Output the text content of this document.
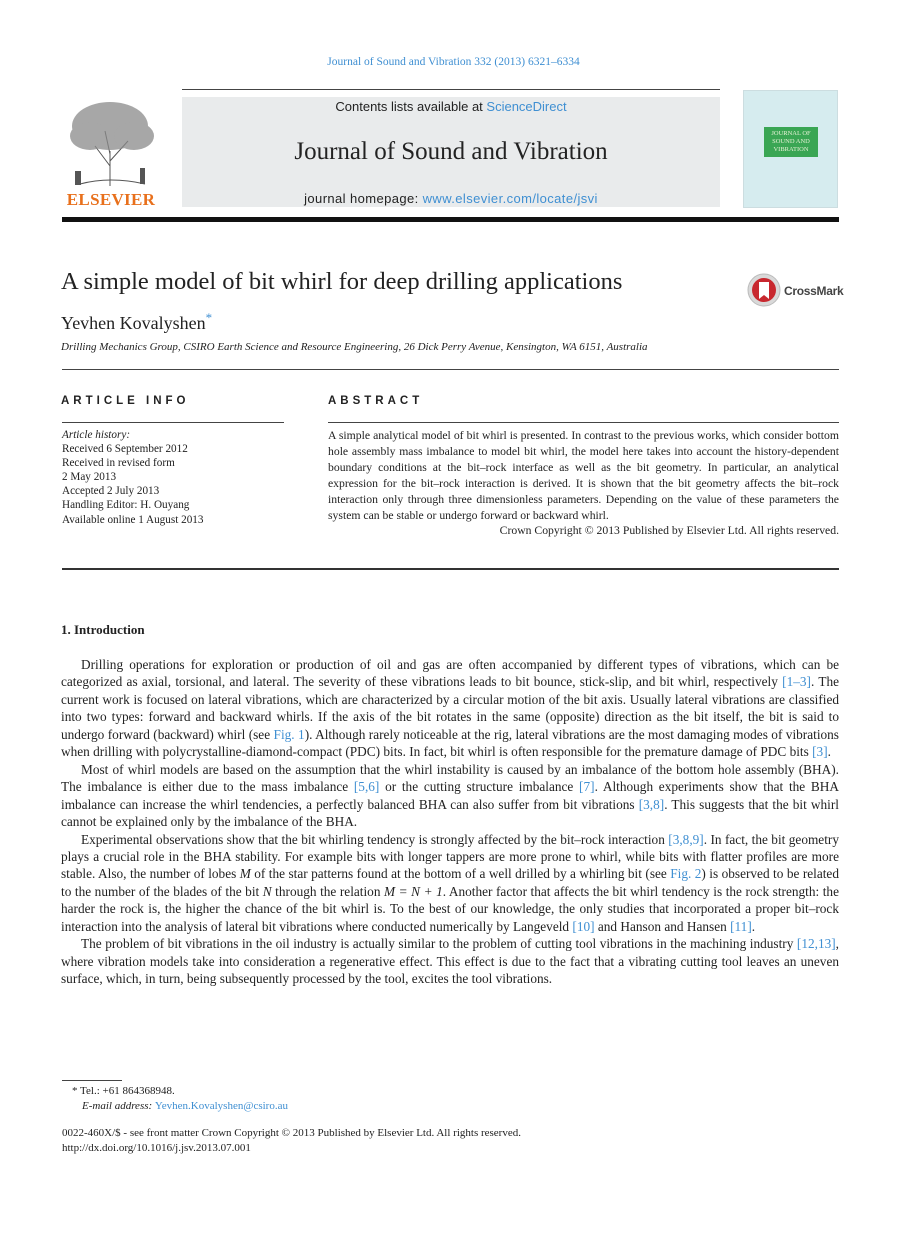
Journal of Sound and Vibration 332 (2013) 6321–6334
ELSEVIER
Contents lists available at ScienceDirect
Journal of Sound and Vibration
journal homepage: www.elsevier.com/locate/jsvi
JOURNAL OF SOUND AND VIBRATION
A simple model of bit whirl for deep drilling applications	CrossMark
Yevhen Kovalyshen*
Drilling Mechanics Group, CSIRO Earth Science and Resource Engineering, 26 Dick Perry Avenue, Kensington, WA 6151, Australia
ARTICLE INFO	ABSTRACT
Article history:
Received 6 September 2012
Received in revised form
2 May 2013
Accepted 2 July 2013
Handling Editor: H. Ouyang
Available online 1 August 2013
A simple analytical model of bit whirl is presented. In contrast to the previous works, which consider bottom hole assembly mass imbalance to model bit whirl, the model here takes into account the history-dependent boundary conditions at the bit–rock interface as well as the bit geometry. In particular, an analytical expression for the bit–rock interaction is derived. It is shown that the bit geometry affects the bit–rock interaction only through three dimensionless parameters. Depending on the value of these parameters the system can be stable or undergo forward or backward whirl.
Crown Copyright © 2013 Published by Elsevier Ltd. All rights reserved.
1. Introduction

Drilling operations for exploration or production of oil and gas are often accompanied by different types of vibrations, which can be categorized as axial, torsional, and lateral. The severity of these vibrations leads to bit bounce, stick-slip, and bit whirl, respectively [1–3]. The current work is focused on lateral vibrations, which are characterized by a circular motion of the bit axis. Usually lateral vibrations are classified into two types: forward and backward whirls. If the axis of the bit rotates in the same (opposite) direction as the bit itself, the bit is said to undergo forward (backward) whirl (see Fig. 1). Although rarely noticeable at the rig, lateral vibrations are the most damaging modes of vibrations when drilling with polycrystalline-diamond-compact (PDC) bits. In fact, bit whirl is often responsible for the premature damage of PDC bits [3].

Most of whirl models are based on the assumption that the whirl instability is caused by an imbalance of the bottom hole assembly (BHA). The imbalance is either due to the mass imbalance [5,6] or the cutting structure imbalance [7]. Although experiments show that the BHA imbalance can increase the whirl tendencies, a perfectly balanced BHA can also suffer from bit vibrations [3,8]. This suggests that the bit whirl cannot be explained only by the imbalance of the BHA.

Experimental observations show that the bit whirling tendency is strongly affected by the bit–rock interaction [3,8,9]. In fact, the bit geometry plays a crucial role in the BHA stability. For example bits with longer tappers are more prone to whirl, while bits with flatter profiles are more stable. Also, the number of lobes M of the star patterns found at the bottom of a well drilled by a whirling bit (see Fig. 2) is observed to be related to the number of the blades of the bit N through the relation M = N + 1. Another factor that affects the bit whirl tendency is the rock strength: the harder the rock is, the higher the chance of the bit whirl is. To the best of our knowledge, the only studies that incorporated a proper bit–rock interaction into the analysis of lateral bit vibrations where conducted numerically by Langeveld [10] and Hanson and Hansen [11].

The problem of bit vibrations in the oil industry is actually similar to the problem of cutting tool vibrations in the machining industry [12,13], where vibration models take into consideration a regenerative effect. This effect is due to the fact that a vibrating cutting tool leaves an uneven surface, which, in turn, being subsequently processed by the tool, excites the tool vibrations.

* Tel.: +61 864368948.
E-mail address: Yevhen.Kovalyshen@csiro.au
0022-460X/$ - see front matter Crown Copyright © 2013 Published by Elsevier Ltd. All rights reserved.
http://dx.doi.org/10.1016/j.jsv.2013.07.001
